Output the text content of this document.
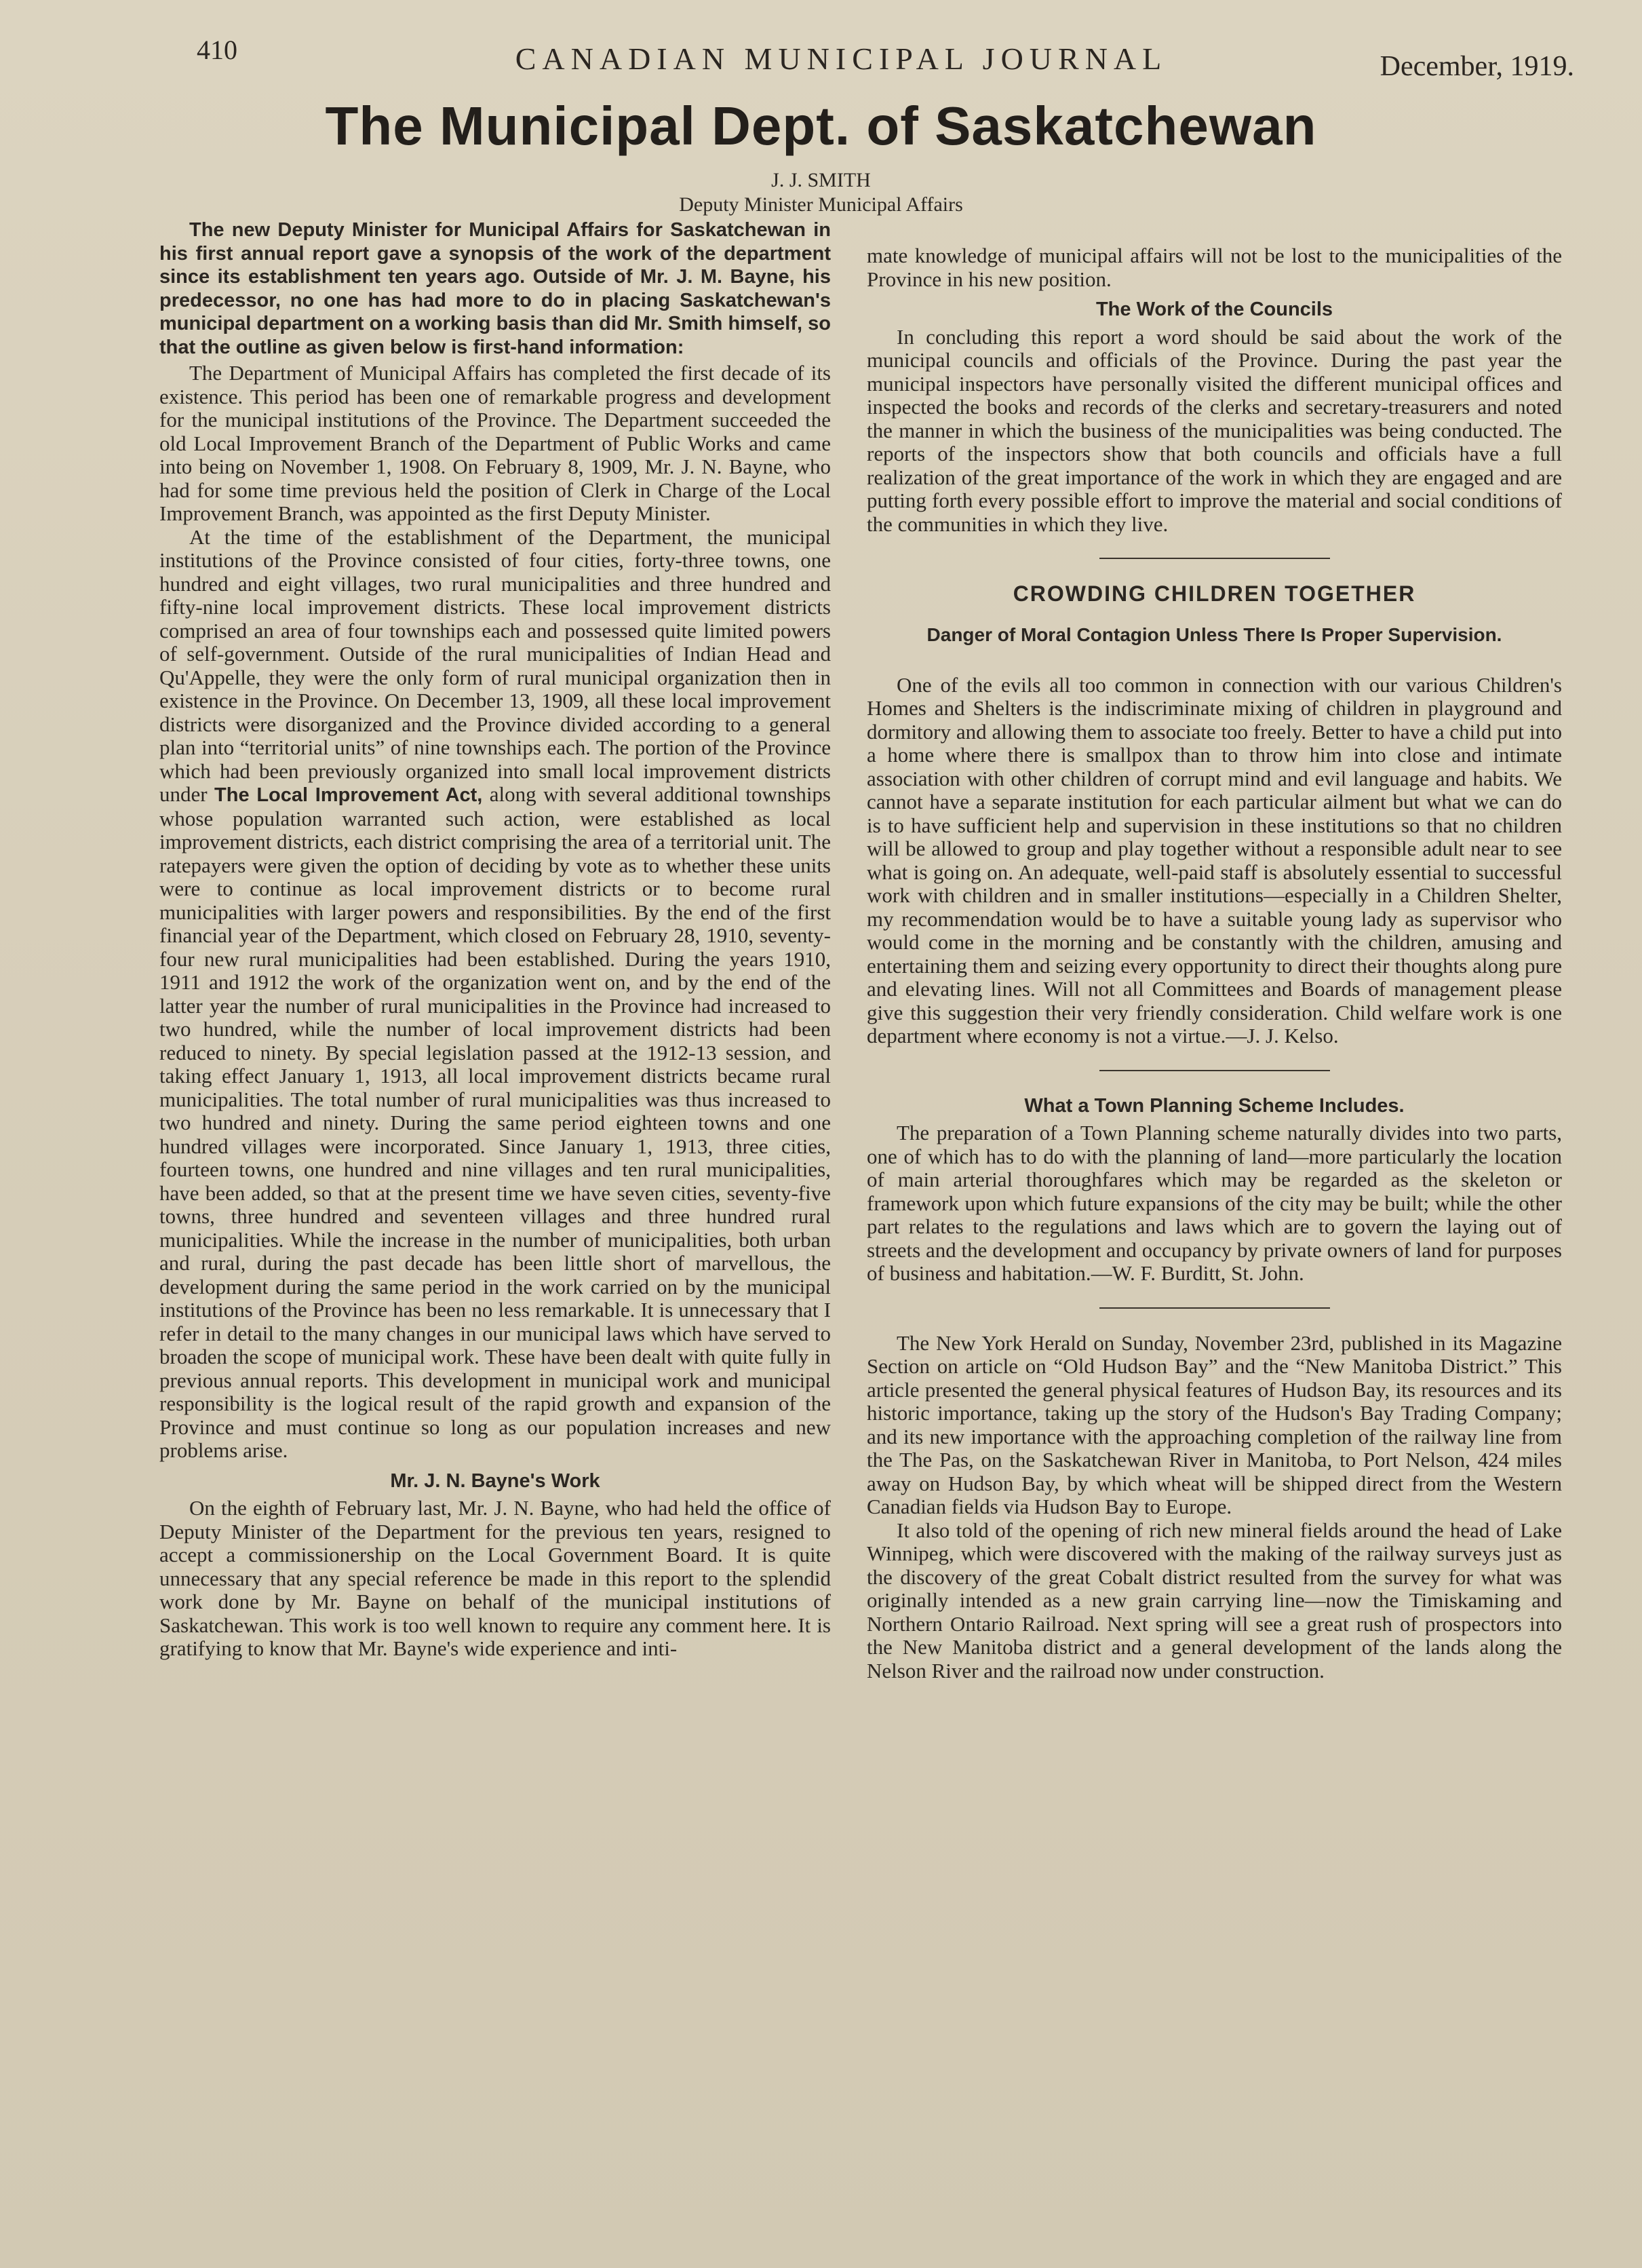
410	CANADIAN MUNICIPAL JOURNAL	December, 1919.
The Municipal Dept. of Saskatchewan
J. J. SMITH
Deputy Minister Municipal Affairs

The new Deputy Minister for Municipal Affairs for Saskatchewan in his first annual report gave a synopsis of the work of the department since its establishment ten years ago. Outside of Mr. J. M. Bayne, his predecessor, no one has had more to do in placing Saskatchewan's municipal department on a working basis than did Mr. Smith himself, so that the outline as given below is first-hand information:

The Department of Municipal Affairs has completed the first decade of its existence. This period has been one of remarkable progress and development for the municipal institutions of the Province. The Department succeeded the old Local Improvement Branch of the Department of Public Works and came into being on November 1, 1908. On February 8, 1909, Mr. J. N. Bayne, who had for some time previous held the position of Clerk in Charge of the Local Improvement Branch, was appointed as the first Deputy Minister.

At the time of the establishment of the Department, the municipal institutions of the Province consisted of four cities, forty-three towns, one hundred and eight villages, two rural municipalities and three hundred and fifty-nine local improvement districts. These local improvement districts comprised an area of four townships each and possessed quite limited powers of self-government. Outside of the rural municipalities of Indian Head and Qu'Appelle, they were the only form of rural municipal organization then in existence in the Province. On December 13, 1909, all these local improvement districts were disorganized and the Province divided according to a general plan into “territorial units” of nine townships each. The portion of the Province which had been previously organized into small local improvement districts under The Local Improvement Act, along with several additional townships whose population warranted such action, were established as local improvement districts, each district comprising the area of a territorial unit. The ratepayers were given the option of deciding by vote as to whether these units were to continue as local improvement districts or to become rural municipalities with larger powers and responsibilities. By the end of the first financial year of the Department, which closed on February 28, 1910, seventy-four new rural municipalities had been established. During the years 1910, 1911 and 1912 the work of the organization went on, and by the end of the latter year the number of rural municipalities in the Province had increased to two hundred, while the number of local improvement districts had been reduced to ninety. By special legislation passed at the 1912-13 session, and taking effect January 1, 1913, all local improvement districts became rural municipalities. The total number of rural municipalities was thus increased to two hundred and ninety. During the same period eighteen towns and one hundred villages were incorporated. Since January 1, 1913, three cities, fourteen towns, one hundred and nine villages and ten rural municipalities, have been added, so that at the present time we have seven cities, seventy-five towns, three hundred and seventeen villages and three hundred rural municipalities. While the increase in the number of municipalities, both urban and rural, during the past decade has been little short of marvellous, the development during the same period in the work carried on by the municipal institutions of the Province has been no less remarkable. It is unnecessary that I refer in detail to the many changes in our municipal laws which have served to broaden the scope of municipal work. These have been dealt with quite fully in previous annual reports. This development in municipal work and municipal responsibility is the logical result of the rapid growth and expansion of the Province and must continue so long as our population increases and new problems arise.

Mr. J. N. Bayne's Work

On the eighth of February last, Mr. J. N. Bayne, who had held the office of Deputy Minister of the Department for the previous ten years, resigned to accept a commissionership on the Local Government Board. It is quite unnecessary that any special reference be made in this report to the splendid work done by Mr. Bayne on behalf of the municipal institutions of Saskatchewan. This work is too well known to require any comment here. It is gratifying to know that Mr. Bayne's wide experience and inti-

mate knowledge of municipal affairs will not be lost to the municipalities of the Province in his new position.

The Work of the Councils

In concluding this report a word should be said about the work of the municipal councils and officials of the Province. During the past year the municipal inspectors have personally visited the different municipal offices and inspected the books and records of the clerks and secretary-treasurers and noted the manner in which the business of the municipalities was being conducted. The reports of the inspectors show that both councils and officials have a full realization of the great importance of the work in which they are engaged and are putting forth every possible effort to improve the material and social conditions of the communities in which they live.

CROWDING CHILDREN TOGETHER
Danger of Moral Contagion Unless There Is Proper Supervision.

One of the evils all too common in connection with our various Children's Homes and Shelters is the indiscriminate mixing of children in playground and dormitory and allowing them to associate too freely. Better to have a child put into a home where there is smallpox than to throw him into close and intimate association with other children of corrupt mind and evil language and habits. We cannot have a separate institution for each particular ailment but what we can do is to have sufficient help and supervision in these institutions so that no children will be allowed to group and play together without a responsible adult near to see what is going on. An adequate, well-paid staff is absolutely essential to successful work with children and in smaller institutions—especially in a Children Shelter, my recommendation would be to have a suitable young lady as supervisor who would come in the morning and be constantly with the children, amusing and entertaining them and seizing every opportunity to direct their thoughts along pure and elevating lines. Will not all Committees and Boards of management please give this suggestion their very friendly consideration. Child welfare work is one department where economy is not a virtue.—J. J. Kelso.

What a Town Planning Scheme Includes.

The preparation of a Town Planning scheme naturally divides into two parts, one of which has to do with the planning of land—more particularly the location of main arterial thoroughfares which may be regarded as the skeleton or framework upon which future expansions of the city may be built; while the other part relates to the regulations and laws which are to govern the laying out of streets and the development and occupancy by private owners of land for purposes of business and habitation.—W. F. Burditt, St. John.

The New York Herald on Sunday, November 23rd, published in its Magazine Section on article on “Old Hudson Bay” and the “New Manitoba District.” This article presented the general physical features of Hudson Bay, its resources and its historic importance, taking up the story of the Hudson's Bay Trading Company; and its new importance with the approaching completion of the railway line from the The Pas, on the Saskatchewan River in Manitoba, to Port Nelson, 424 miles away on Hudson Bay, by which wheat will be shipped direct from the Western Canadian fields via Hudson Bay to Europe.

It also told of the opening of rich new mineral fields around the head of Lake Winnipeg, which were discovered with the making of the railway surveys just as the discovery of the great Cobalt district resulted from the survey for what was originally intended as a new grain carrying line—now the Timiskaming and Northern Ontario Railroad. Next spring will see a great rush of prospectors into the New Manitoba district and a general development of the lands along the Nelson River and the railroad now under construction.
